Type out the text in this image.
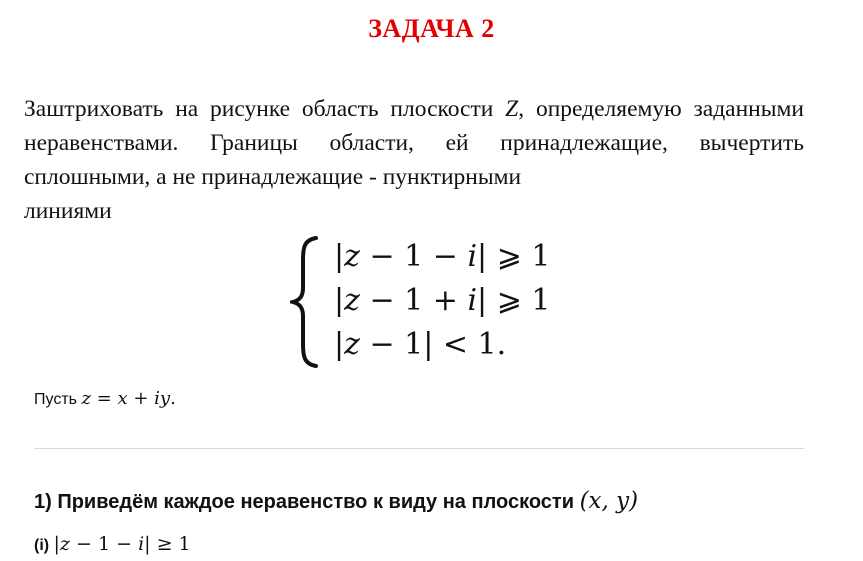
ЗАДАЧА 2
Заштриховать на рисунке область плоскости Z, определяемую заданными неравенствами. Границы области, ей принадлежащие, вычертить сплошными, а не принадлежащие - пунктирными
линиями
|z − 1 − i| ⩾ 1
|z − 1 + i| ⩾ 1
|z − 1| < 1.
Пусть z = x + iy.
1) Приведём каждое неравенство к виду на плоскости (x, y)
(i) |z − 1 − i| ≥ 1
